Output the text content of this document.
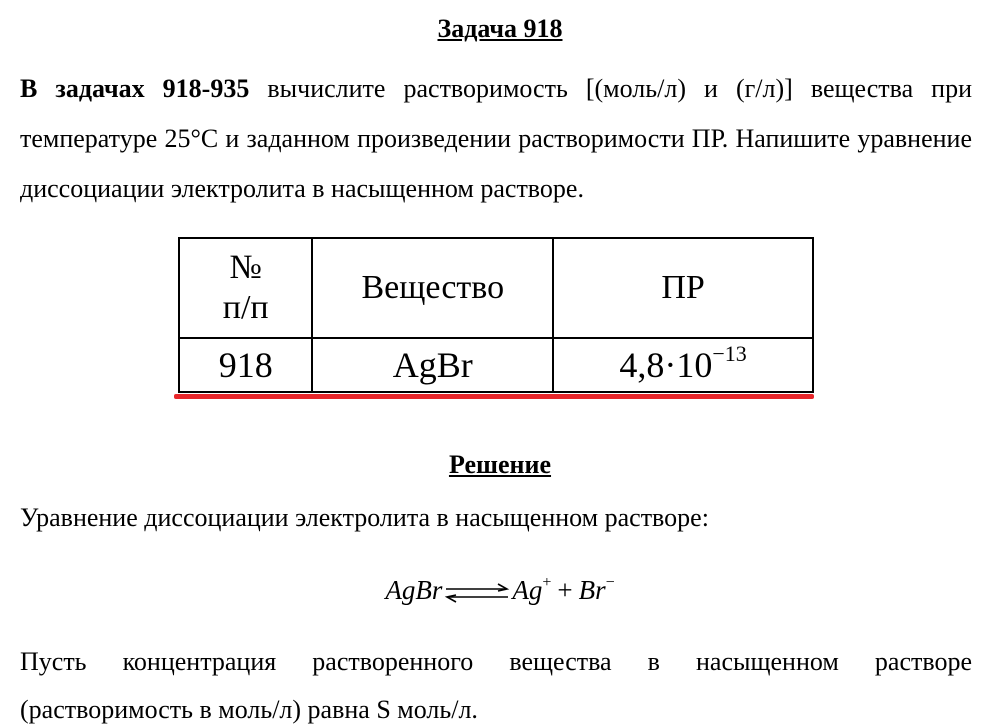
Задача 918
В задачах 918-935 вычислите растворимость [(моль/л) и (г/л)] вещества при температуре 25°С и заданном произведении растворимости ПР. Напишите уравнение диссоциации электролита в насыщенном растворе.
№
п/п	Вещество	ПР
918	AgBr	$4,8\cdot 10^{-13}$
Решение
Уравнение диссоциации электролита в насыщенном растворе:
AgBr ⇌ Ag+ + Br−
Пусть концентрация растворенного вещества в насыщенном растворе
(растворимость в моль/л) равна S моль/л.
